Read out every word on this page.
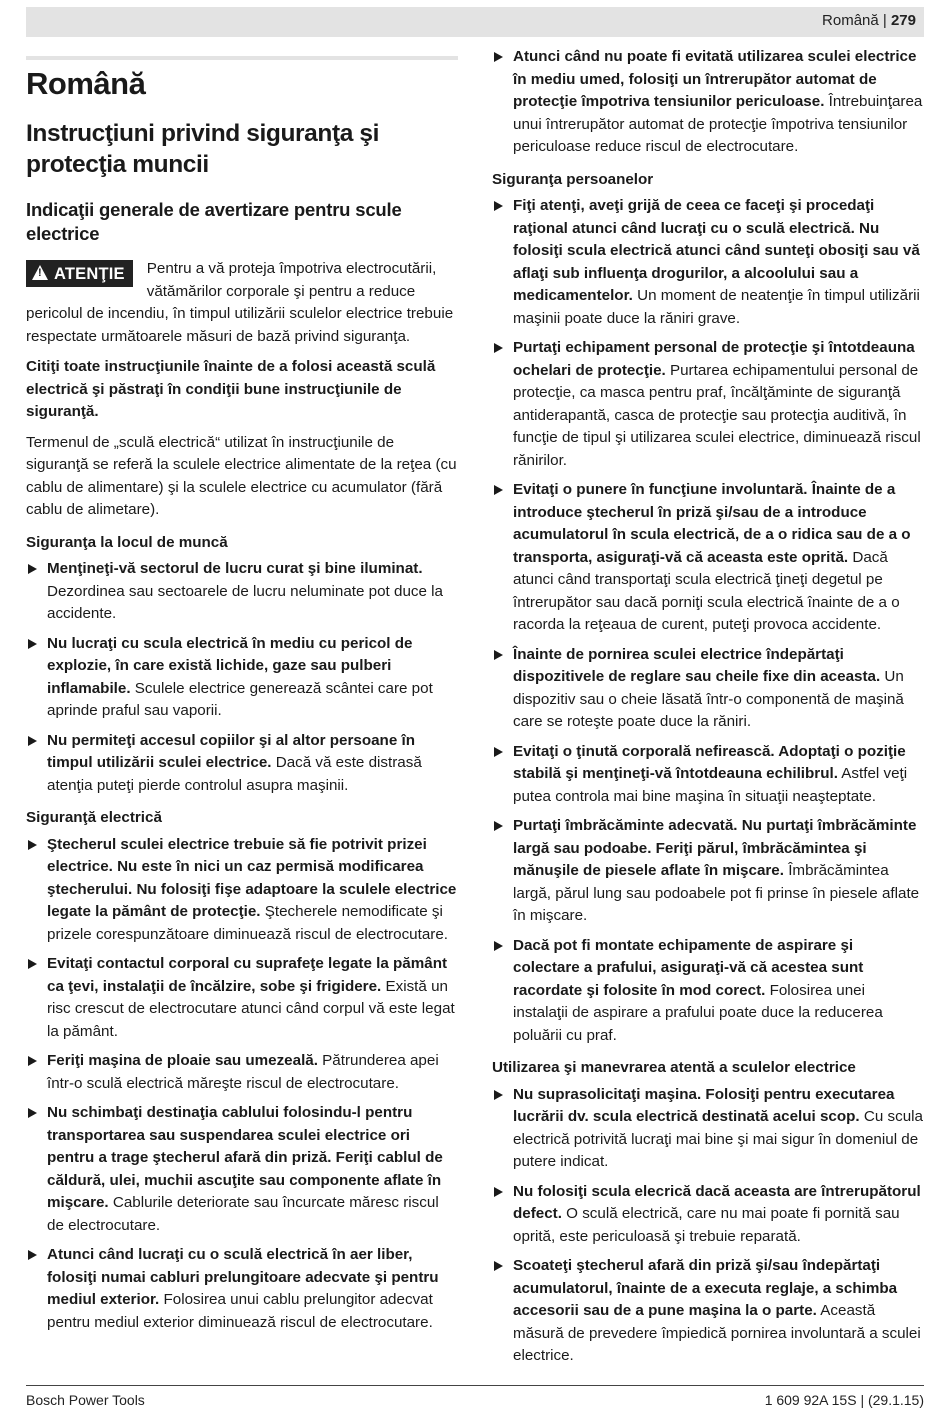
Română | 279
Română
Instrucţiuni privind siguranţa şi protecţia muncii
Indicaţii generale de avertizare pentru scule electrice

!ATENŢIE	Pentru a vă proteja împotriva electrocutării, vătămărilor corporale şi pentru a reduce pericolul de incendiu, în timpul utilizării sculelor electrice trebuie respectate următoarele măsuri de bază privind siguranţa.

Citiţi toate instrucţiunile înainte de a folosi această sculă electrică şi păstraţi în condiţii bune instrucţiunile de siguranţă.

Termenul de „sculă electrică“ utilizat în instrucţiunile de siguranţă se referă la sculele electrice alimentate de la reţea (cu cablu de alimentare) şi la sculele electrice cu acumulator (fără cablu de alimetare).

Siguranţa la locul de muncă
Menţineţi-vă sectorul de lucru curat şi bine iluminat. Dezordinea sau sectoarele de lucru neluminate pot duce la accidente.
Nu lucraţi cu scula electrică în mediu cu pericol de explozie, în care există lichide, gaze sau pulberi inflamabile. Sculele electrice generează scântei care pot aprinde praful sau vaporii.
Nu permiteţi accesul copiilor şi al altor persoane în timpul utilizării sculei electrice. Dacă vă este distrasă atenţia puteţi pierde controlul asupra maşinii.
Siguranţă electrică
Ştecherul sculei electrice trebuie să fie potrivit prizei electrice. Nu este în nici un caz permisă modificarea ştecherului. Nu folosiţi fişe adaptoare la sculele electrice legate la pământ de protecţie. Ştecherele nemodificate şi prizele corespunzătoare diminuează riscul de electrocutare.
Evitaţi contactul corporal cu suprafeţe legate la pământ ca ţevi, instalaţii de încălzire, sobe şi frigidere. Există un risc crescut de electrocutare atunci când corpul vă este legat la pământ.
Feriţi maşina de ploaie sau umezeală. Pătrunderea apei într-o sculă electrică măreşte riscul de electrocutare.
Nu schimbaţi destinaţia cablului folosindu-l pentru transportarea sau suspendarea sculei electrice ori pentru a trage ştecherul afară din priză. Feriţi cablul de căldură, ulei, muchii ascuţite sau componente aflate în mişcare. Cablurile deteriorate sau încurcate măresc riscul de electrocutare.
Atunci când lucraţi cu o sculă electrică în aer liber, folosiţi numai cabluri prelungitoare adecvate şi pentru mediul exterior. Folosirea unui cablu prelungitor adecvat pentru mediul exterior diminuează riscul de electrocutare.
Atunci când nu poate fi evitată utilizarea sculei electrice în mediu umed, folosiţi un întrerupător automat de protecţie împotriva tensiunilor periculoase. Întrebuinţarea unui întrerupător automat de protecţie împotriva tensiunilor periculoase reduce riscul de electrocutare.
Siguranţa persoanelor
Fiţi atenţi, aveţi grijă de ceea ce faceţi şi procedaţi raţional atunci când lucraţi cu o sculă electrică. Nu folosiţi scula electrică atunci când sunteţi obosiţi sau vă aflaţi sub influenţa drogurilor, a alcoolului sau a medicamentelor. Un moment de neatenţie în timpul utilizării maşinii poate duce la răniri grave.
Purtaţi echipament personal de protecţie şi întotdeauna ochelari de protecţie. Purtarea echipamentului personal de protecţie, ca masca pentru praf, încălţăminte de siguranţă antiderapantă, casca de protecţie sau protecţia auditivă, în funcţie de tipul şi utilizarea sculei electrice, diminuează riscul rănirilor.
Evitaţi o punere în funcţiune involuntară. Înainte de a introduce ştecherul în priză şi/sau de a introduce acumulatorul în scula electrică, de a o ridica sau de a o transporta, asiguraţi-vă că aceasta este oprită. Dacă atunci când transportaţi scula electrică ţineţi degetul pe întrerupător sau dacă porniţi scula electrică înainte de a o racorda la reţeaua de curent, puteţi provoca accidente.
Înainte de pornirea sculei electrice îndepărtaţi dispozitivele de reglare sau cheile fixe din aceasta. Un dispozitiv sau o cheie lăsată într-o componentă de maşină care se roteşte poate duce la răniri.
Evitaţi o ţinută corporală nefirească. Adoptaţi o poziţie stabilă şi menţineţi-vă întotdeauna echilibrul. Astfel veţi putea controla mai bine maşina în situaţii neaşteptate.
Purtaţi îmbrăcăminte adecvată. Nu purtaţi îmbrăcăminte largă sau podoabe. Feriţi părul, îmbrăcămintea şi mănuşile de piesele aflate în mişcare. Îmbrăcămintea largă, părul lung sau podoabele pot fi prinse în piesele aflate în mişcare.
Dacă pot fi montate echipamente de aspirare şi colectare a prafului, asiguraţi-vă că acestea sunt racordate şi folosite în mod corect. Folosirea unei instalaţii de aspirare a prafului poate duce la reducerea poluării cu praf.
Utilizarea şi manevrarea atentă a sculelor electrice
Nu suprasolicitaţi maşina. Folosiţi pentru executarea lucrării dv. scula electrică destinată acelui scop. Cu scula electrică potrivită lucraţi mai bine şi mai sigur în domeniul de putere indicat.
Nu folosiţi scula elecrică dacă aceasta are întrerupătorul defect. O sculă electrică, care nu mai poate fi pornită sau oprită, este periculoasă şi trebuie reparată.
Scoateţi ştecherul afară din priză şi/sau îndepărtaţi acumulatorul, înainte de a executa reglaje, a schimba accesorii sau de a pune maşina la o parte. Această măsură de prevedere împiedică pornirea involuntară a sculei electrice.
Bosch Power Tools	1 609 92A 15S | (29.1.15)
